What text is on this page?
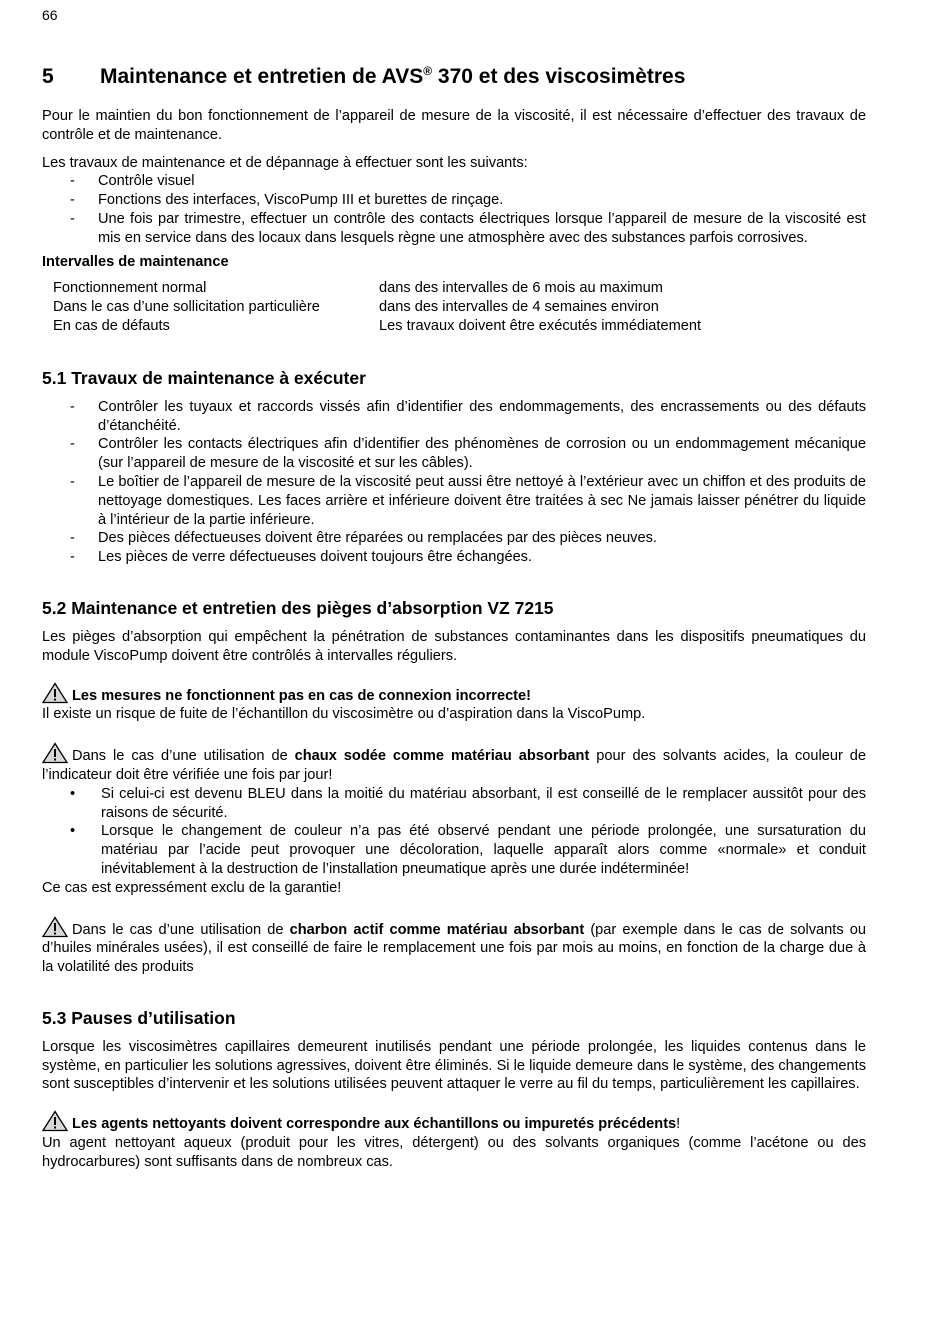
66
5 Maintenance et entretien de AVS® 370 et des viscosimètres

Pour le maintien du bon fonctionnement de l’appareil de mesure de la viscosité, il est nécessaire d’effectuer des travaux de contrôle et de maintenance.

Les travaux de maintenance et de dépannage à effectuer sont les suivants:

- Contrôle visuel
- Fonctions des interfaces, ViscoPump III et burettes de rinçage.
- Une fois par trimestre, effectuer un contrôle des contacts électriques lorsque l’appareil de mesure de la viscosité est mis en service dans des locaux dans lesquels règne une atmosphère avec des substances parfois corrosives.
Intervalles de maintenance
Fonctionnement normal	dans des intervalles de 6 mois au maximum
Dans le cas d’une sollicitation particulière	dans des intervalles de 4 semaines environ
En cas de défauts	Les travaux doivent être exécutés immédiatement
5.1 Travaux de maintenance à exécuter
- Contrôler les tuyaux et raccords vissés afin d’identifier des endommagements, des encrassements ou des défauts d’étanchéité.
- Contrôler les contacts électriques afin d’identifier des phénomènes de corrosion ou un endommagement mécanique (sur l’appareil de mesure de la viscosité et sur les câbles).
- Le boîtier de l’appareil de mesure de la viscosité peut aussi être nettoyé à l’extérieur avec un chiffon et des produits de nettoyage domestiques. Les faces arrière et inférieure doivent être traitées à sec Ne jamais laisser pénétrer du liquide à l’intérieur de la partie inférieure.
- Des pièces défectueuses doivent être réparées ou remplacées par des pièces neuves.
- Les pièces de verre défectueuses doivent toujours être échangées.
5.2 Maintenance et entretien des pièges d’absorption VZ 7215

Les pièges d’absorption qui empêchent la pénétration de substances contaminantes dans les dispositifs pneumatiques du module ViscoPump doivent être contrôlés à intervalles réguliers.

Les mesures ne fonctionnent pas en cas de connexion incorrecte!
Il existe un risque de fuite de l’échantillon du viscosimètre ou d’aspiration dans la ViscoPump.

Dans le cas d’une utilisation de chaux sodée comme matériau absorbant pour des solvants acides, la couleur de l’indicateur doit être vérifiée une fois par jour!

• Si celui-ci est devenu BLEU dans la moitié du matériau absorbant, il est conseillé de le remplacer aussitôt pour des raisons de sécurité.
• Lorsque le changement de couleur n’a pas été observé pendant une période prolongée, une sursaturation du matériau par l’acide peut provoquer une décoloration, laquelle apparaît alors comme «normale» et conduit inévitablement à la destruction de l’installation pneumatique après une durée indéterminée!

Ce cas est expressément exclu de la garantie!

Dans le cas d’une utilisation de charbon actif comme matériau absorbant (par exemple dans le cas de solvants ou d’huiles minérales usées), il est conseillé de faire le remplacement une fois par mois au moins, en fonction de la charge due à la volatilité des produits

5.3 Pauses d’utilisation

Lorsque les viscosimètres capillaires demeurent inutilisés pendant une période prolongée, les liquides contenus dans le système, en particulier les solutions agressives, doivent être éliminés. Si le liquide demeure dans le système, des changements sont susceptibles d’intervenir et les solutions utilisées peuvent attaquer le verre au fil du temps, particulièrement les capillaires.

Les agents nettoyants doivent correspondre aux échantillons ou impuretés précédents!
Un agent nettoyant aqueux (produit pour les vitres, détergent) ou des solvants organiques (comme l’acétone ou des hydrocarbures) sont suffisants dans de nombreux cas.
